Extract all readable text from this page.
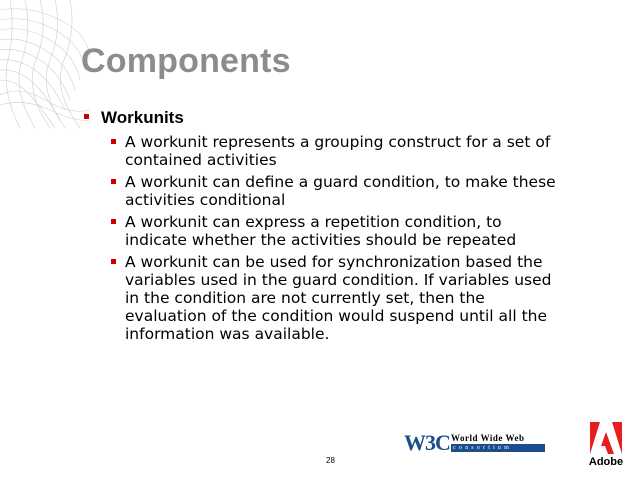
Components
Workunits
A workunit represents a grouping construct for a set of
contained activities
A workunit can define a guard condition, to make these
activities conditional
A workunit can express a repetition condition, to
indicate whether the activities should be repeated
A workunit can be used for synchronization based the
variables used in the guard condition. If variables used
in the condition are not currently set, then the
evaluation of the condition would suspend until all the
information was available.
28
W3C World Wide Web
consortium
Adobe
